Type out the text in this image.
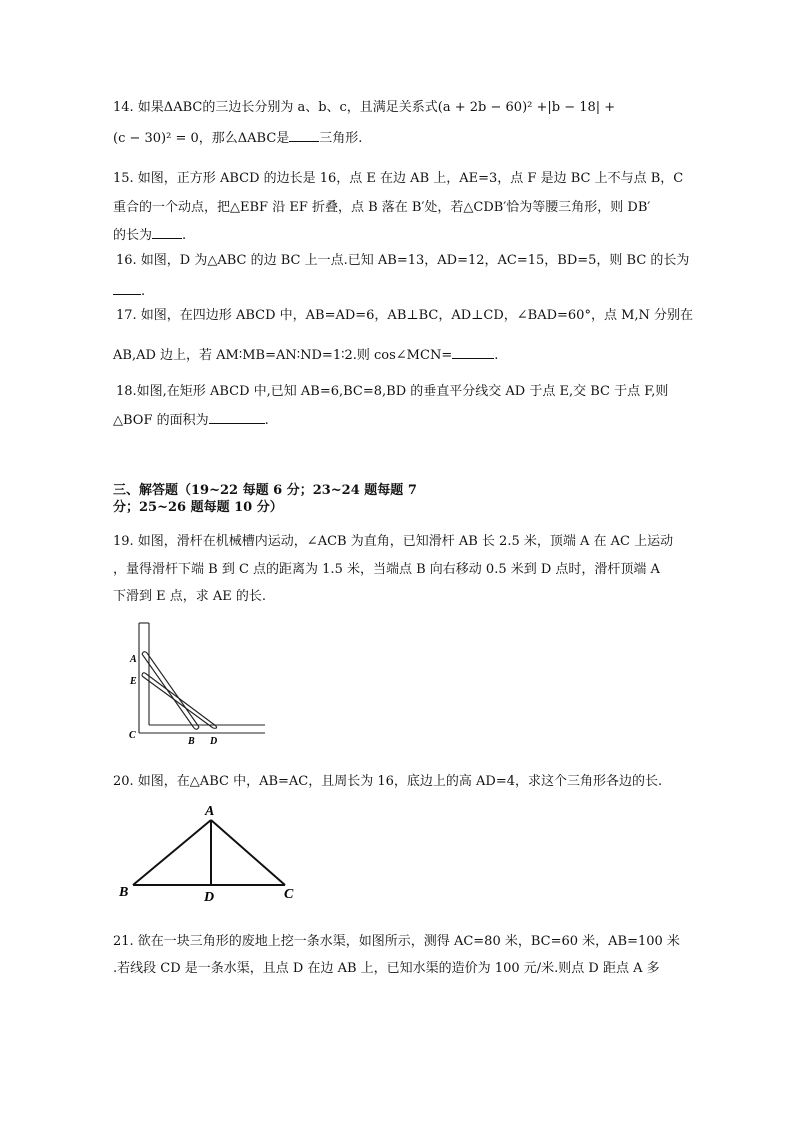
14. 如果ΔABC的三边长分别为 a、b、c，且满足关系式(a + 2b − 60)² +|b − 18| +
(c − 30)² = 0，那么ΔABC是 三角形.
15. 如图，正方形 ABCD 的边长是 16，点 E 在边 AB 上，AE=3，点 F 是边 BC 上不与点 B，C
重合的一个动点，把△EBF 沿 EF 折叠，点 B 落在 B′处，若△CDB′恰为等腰三角形，则 DB′
的长为 .
16. 如图，D 为△ABC 的边 BC 上一点.已知 AB=13，AD=12，AC=15，BD=5，则 BC 的长为
.
17. 如图，在四边形 ABCD 中，AB=AD=6，AB⊥BC，AD⊥CD，∠BAD=60°，点 M,N 分别在
AB,AD 边上，若 AM∶MB=AN∶ND=1∶2.则 cos∠MCN=	.
18.如图,在矩形 ABCD 中,已知 AB=6,BC=8,BD 的垂直平分线交 AD 于点 E,交 BC 于点 F,则
△BOF 的面积为	.
三、解答题（19~22 每题 6 分；23~24 题每题 7
分；25~26 题每题 10 分）
19. 如图，滑杆在机械槽内运动，∠ACB 为直角，已知滑杆 AB 长 2.5 米，顶端 A 在 AC 上运动
，量得滑杆下端 B 到 C 点的距离为 1.5 米，当端点 B 向右移动 0.5 米到 D 点时，滑杆顶端 A
下滑到 E 点，求 AE 的长.
A
E
C
B D
20. 如图，在△ABC 中，AB=AC，且周长为 16，底边上的高 AD=4，求这个三角形各边的长.
A
B	D	C
21. 欲在一块三角形的废地上挖一条水渠，如图所示，测得 AC=80 米，BC=60 米，AB=100 米
.若线段 CD 是一条水渠，且点 D 在边 AB 上，已知水渠的造价为 100 元/米.则点 D 距点 A 多
